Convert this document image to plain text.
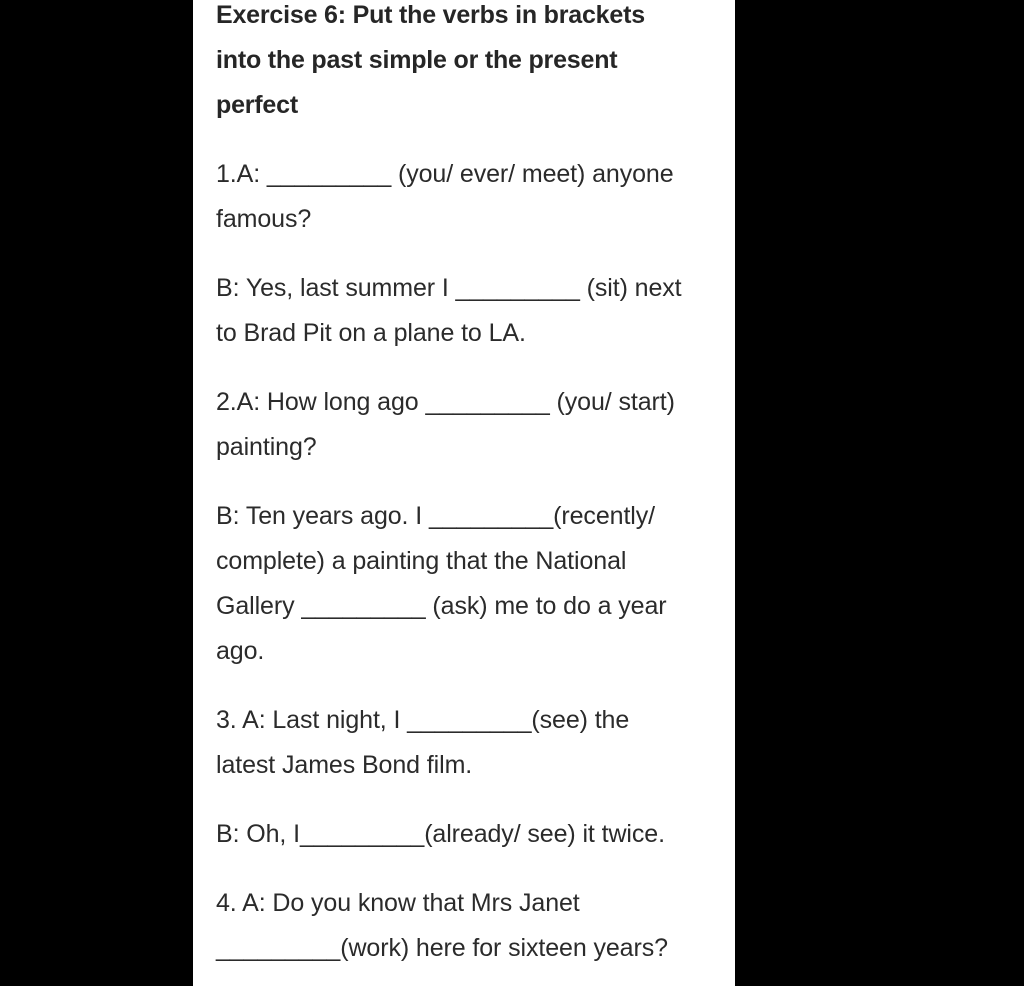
Exercise 6: Put the verbs in brackets
into the past simple or the present
perfect

1.A: _________ (you/ ever/ meet) anyone
famous?

B: Yes, last summer I _________ (sit) next
to Brad Pit on a plane to LA.

2.A: How long ago _________ (you/ start)
painting?

B: Ten years ago. I _________(recently/
complete) a painting that the National
Gallery _________ (ask) me to do a year
ago.

3. A: Last night, I _________(see) the
latest James Bond film.

B: Oh, I_________(already/ see) it twice.

4. A: Do you know that Mrs Janet
_________(work) here for sixteen years?
